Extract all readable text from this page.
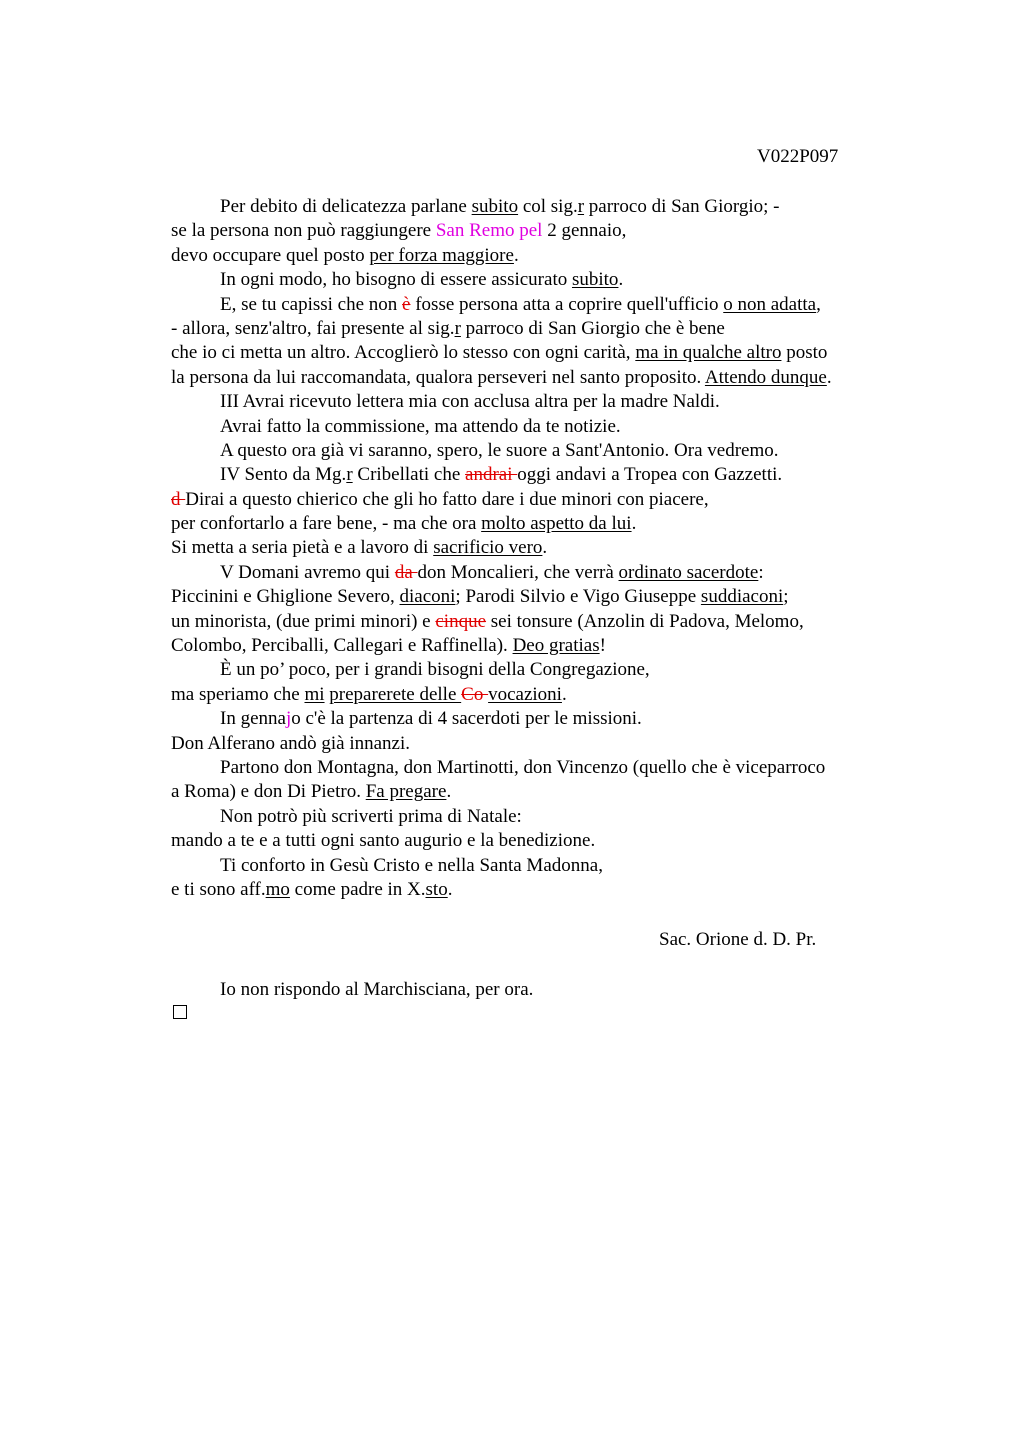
V022P097
Per debito di delicatezza parlane subito col sig.r parroco di San Giorgio; -
se la persona non può raggiungere San Remo pel 2 gennaio,
devo occupare quel posto per forza maggiore.
In ogni modo, ho bisogno di essere assicurato subito.
E, se tu capissi che non è fosse persona atta a coprire quell'ufficio o non adatta,
- allora, senz'altro, fai presente al sig.r parroco di San Giorgio che è bene
che io ci metta un altro. Accoglierò lo stesso con ogni carità, ma in qualche altro posto
la persona da lui raccomandata, qualora perseveri nel santo proposito. Attendo dunque.
III Avrai ricevuto lettera mia con acclusa altra per la madre Naldi.
Avrai fatto la commissione, ma attendo da te notizie.
A questo ora già vi saranno, spero, le suore a Sant'Antonio. Ora vedremo.
IV Sento da Mg.r Cribellati che andrai oggi andavi a Tropea con Gazzetti.
d Dirai a questo chierico che gli ho fatto dare i due minori con piacere,
per confortarlo a fare bene, - ma che ora molto aspetto da lui.
Si metta a seria pietà e a lavoro di sacrificio vero.
V Domani avremo qui da don Moncalieri, che verrà ordinato sacerdote:
Piccinini e Ghiglione Severo, diaconi; Parodi Silvio e Vigo Giuseppe suddiaconi;
un minorista, (due primi minori) e cinque sei tonsure (Anzolin di Padova, Melomo,
Colombo, Perciballi, Callegari e Raffinella). Deo gratias!
È un po’ poco, per i grandi bisogni della Congregazione,
ma speriamo che mi preparerete delle Co vocazioni.
In gennajo c'è la partenza di 4 sacerdoti per le missioni.
Don Alferano andò già innanzi.
Partono don Montagna, don Martinotti, don Vincenzo (quello che è viceparroco
a Roma) e don Di Pietro. Fa pregare.
Non potrò più scriverti prima di Natale:
mando a te e a tutti ogni santo augurio e la benedizione.
Ti conforto in Gesù Cristo e nella Santa Madonna,
e ti sono aff.mo come padre in X.sto.
Sac. Orione d. D. Pr.
Io non rispondo al Marchisciana, per ora.
